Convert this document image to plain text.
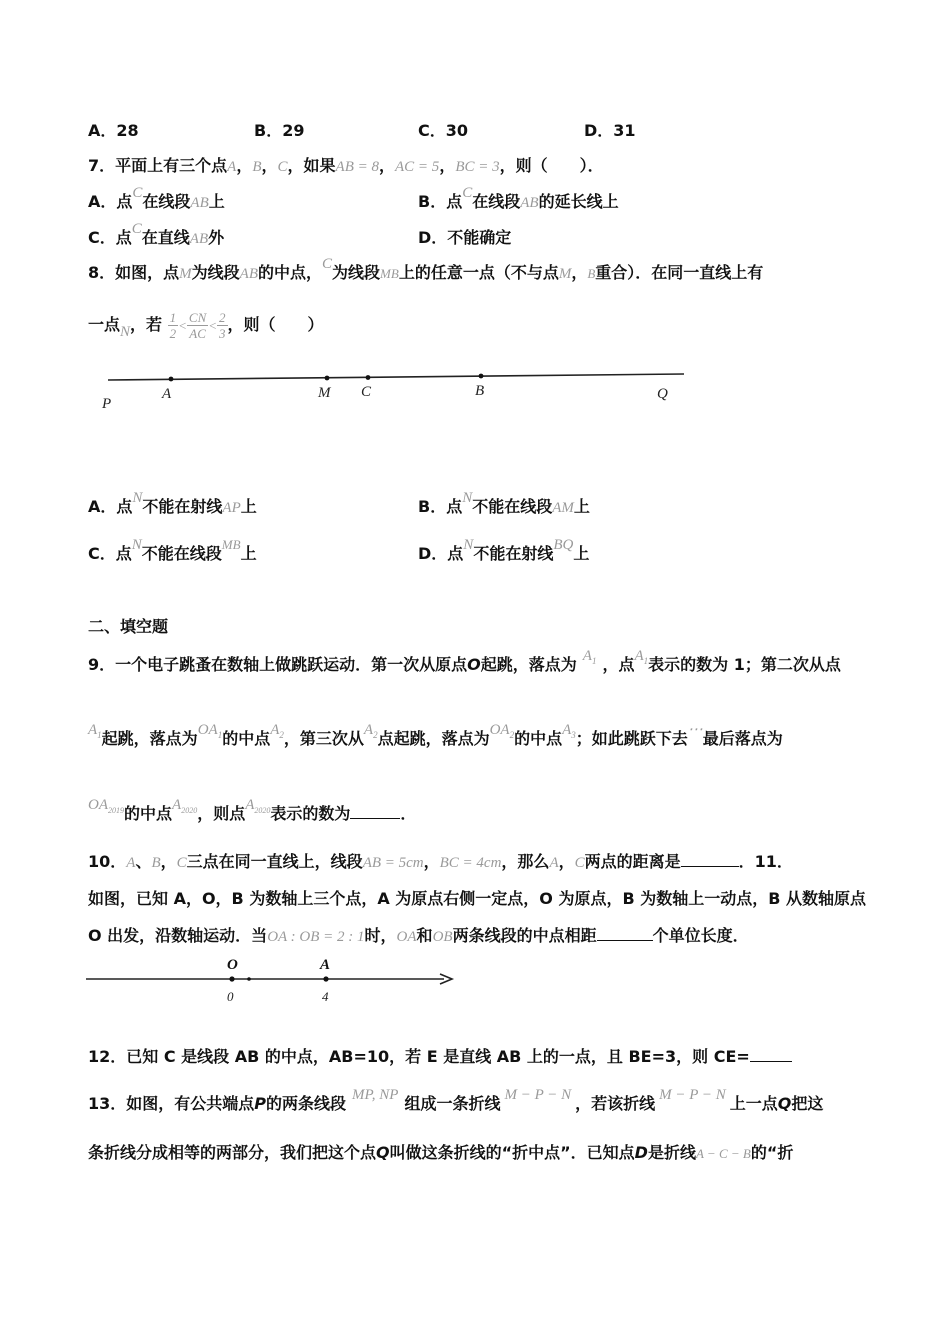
A．28	B．29	C．30	D．31
7．平面上有三个点A，B，C，如果AB = 8，AC = 5，BC = 3，则（　　）．
A．点C在线段AB上	B．点C在线段AB的延长线上
C．点C在直线AB外	D．不能确定
8．如图，点M为线段AB的中点，C为线段MB上的任意一点（不与点M，B重合）．在同一直线上有
一点N，若 $\frac{1}{2} < \frac{CN}{AC} < \frac{2}{3}$ ，则（　　）
P
A	M C	B	Q
A．点N不能在射线AP上	B．点N不能在线段AM上
C．点N不能在线段$^{MB}$上	D．点N不能在射线BQ上
二、填空题
9．一个电子跳蚤在数轴上做跳跃运动．第一次从原点O起跳，落点为 $A_1$ ，点$A_1$表示的数为 1；第二次从点
$A_1$起跳，落点为$OA_1$的中点$A_2$，第三次从$A_2$点起跳，落点为$OA_2$的中点$A_3$；如此跳跃下去⋯最后落点为
$OA_{2019}$的中点$A_{2020}$，则点$A_{2020}$表示的数为	．
10．A、B，C三点在同一直线上，线段AB = 5cm，BC = 4cm，那么A，C两点的距离是	．11．
如图，已知 A，O，B 为数轴上三个点，A 为原点右侧一定点，O 为原点，B 为数轴上一动点，B 从数轴原点
O 出发，沿数轴运动．当OA : OB = 2 : 1时，OA和OB两条线段的中点相距	个单位长度．
O	A
0	4
12．已知 C 是线段 AB 的中点，AB=10，若 E 是直线 AB 上的一点，且 BE=3，则 CE=
13．如图，有公共端点P的两条线段 MP, NP 组成一条折线 M − P − N ，若该折线 M − P − N 上一点Q把这
条折线分成相等的两部分，我们把这个点Q叫做这条折线的“折中点”．已知点D是折线A − C − B的“折
